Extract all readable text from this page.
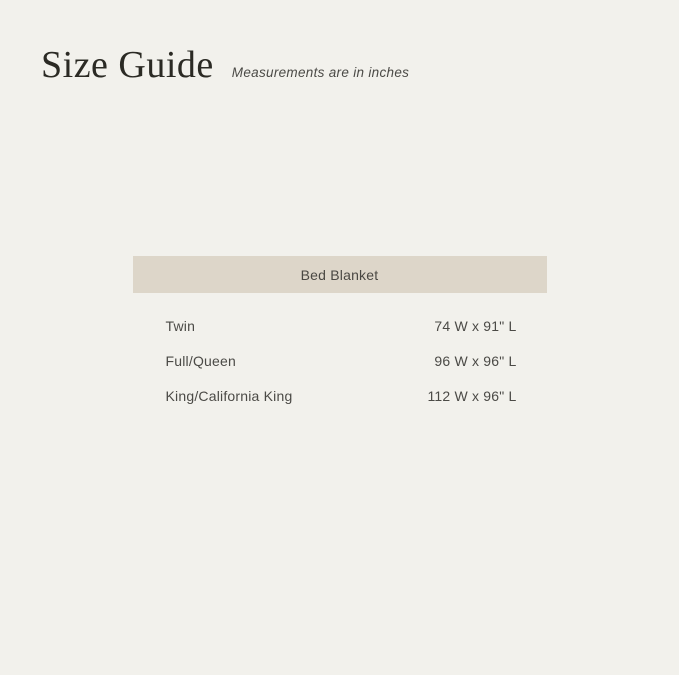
Size Guide Measurements are in inches
Bed Blanket
Twin	74 W x 91" L
Full/Queen	96 W x 96" L
King/California King	112 W x 96" L
